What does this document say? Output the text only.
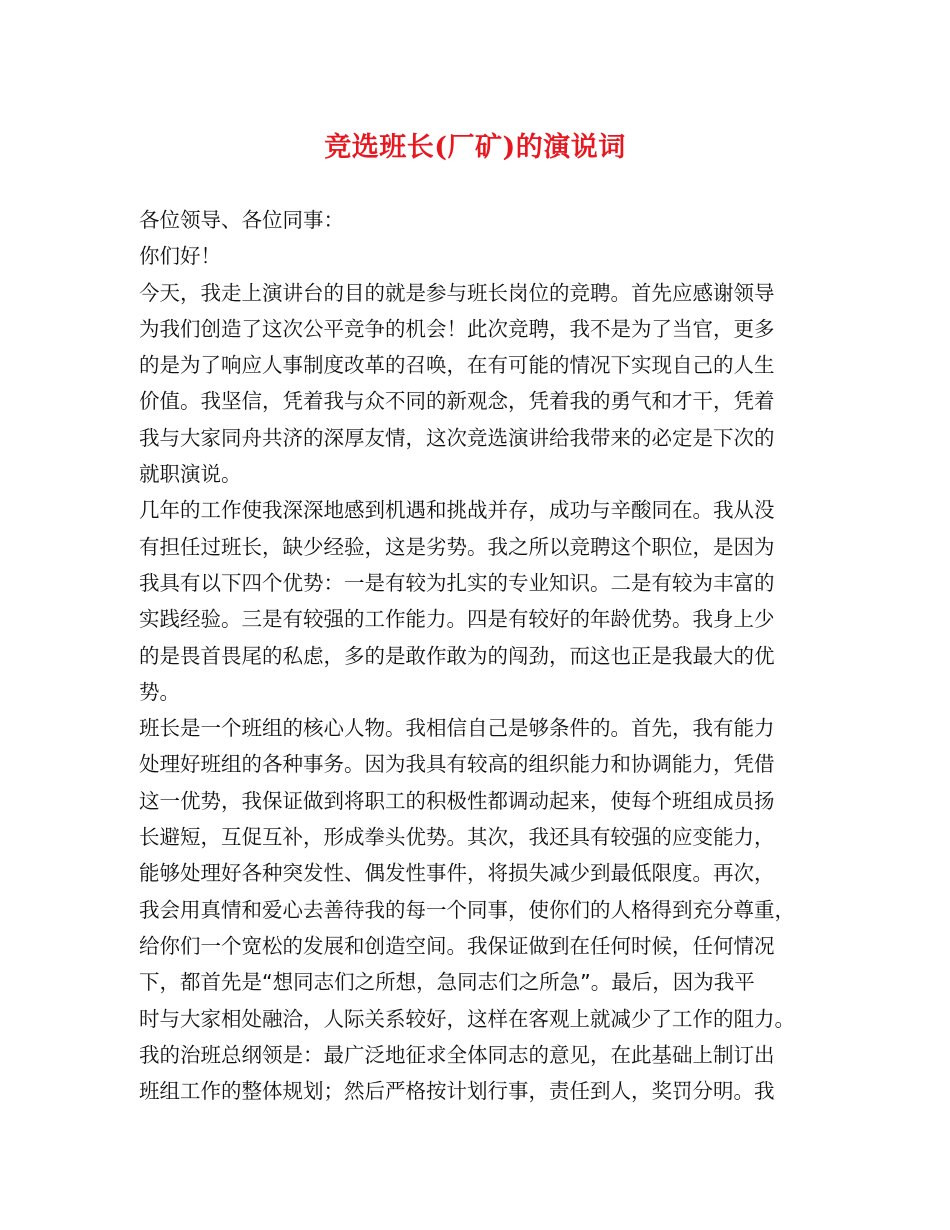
竞选班长(厂矿)的演说词
各位领导、各位同事：
你们好！
今天，我走上演讲台的目的就是参与班长岗位的竞聘。首先应感谢领导
为我们创造了这次公平竞争的机会！此次竞聘，我不是为了当官，更多
的是为了响应人事制度改革的召唤，在有可能的情况下实现自己的人生
价值。我坚信，凭着我与众不同的新观念，凭着我的勇气和才干，凭着
我与大家同舟共济的深厚友情，这次竞选演讲给我带来的必定是下次的
就职演说。
几年的工作使我深深地感到机遇和挑战并存，成功与辛酸同在。我从没
有担任过班长，缺少经验，这是劣势。我之所以竞聘这个职位，是因为
我具有以下四个优势：一是有较为扎实的专业知识。二是有较为丰富的
实践经验。三是有较强的工作能力。四是有较好的年龄优势。我身上少
的是畏首畏尾的私虑，多的是敢作敢为的闯劲，而这也正是我最大的优
势。
班长是一个班组的核心人物。我相信自己是够条件的。首先，我有能力
处理好班组的各种事务。因为我具有较高的组织能力和协调能力，凭借
这一优势，我保证做到将职工的积极性都调动起来，使每个班组成员扬
长避短，互促互补，形成拳头优势。其次，我还具有较强的应变能力，
能够处理好各种突发性、偶发性事件，将损失减少到最低限度。再次，
我会用真情和爱心去善待我的每一个同事，使你们的人格得到充分尊重，
给你们一个宽松的发展和创造空间。我保证做到在任何时候，任何情况
下，都首先是“想同志们之所想，急同志们之所急”。最后，因为我平
时与大家相处融洽，人际关系较好，这样在客观上就减少了工作的阻力。
我的治班总纲领是：最广泛地征求全体同志的意见，在此基础上制订出
班组工作的整体规划；然后严格按计划行事，责任到人，奖罚分明。我
